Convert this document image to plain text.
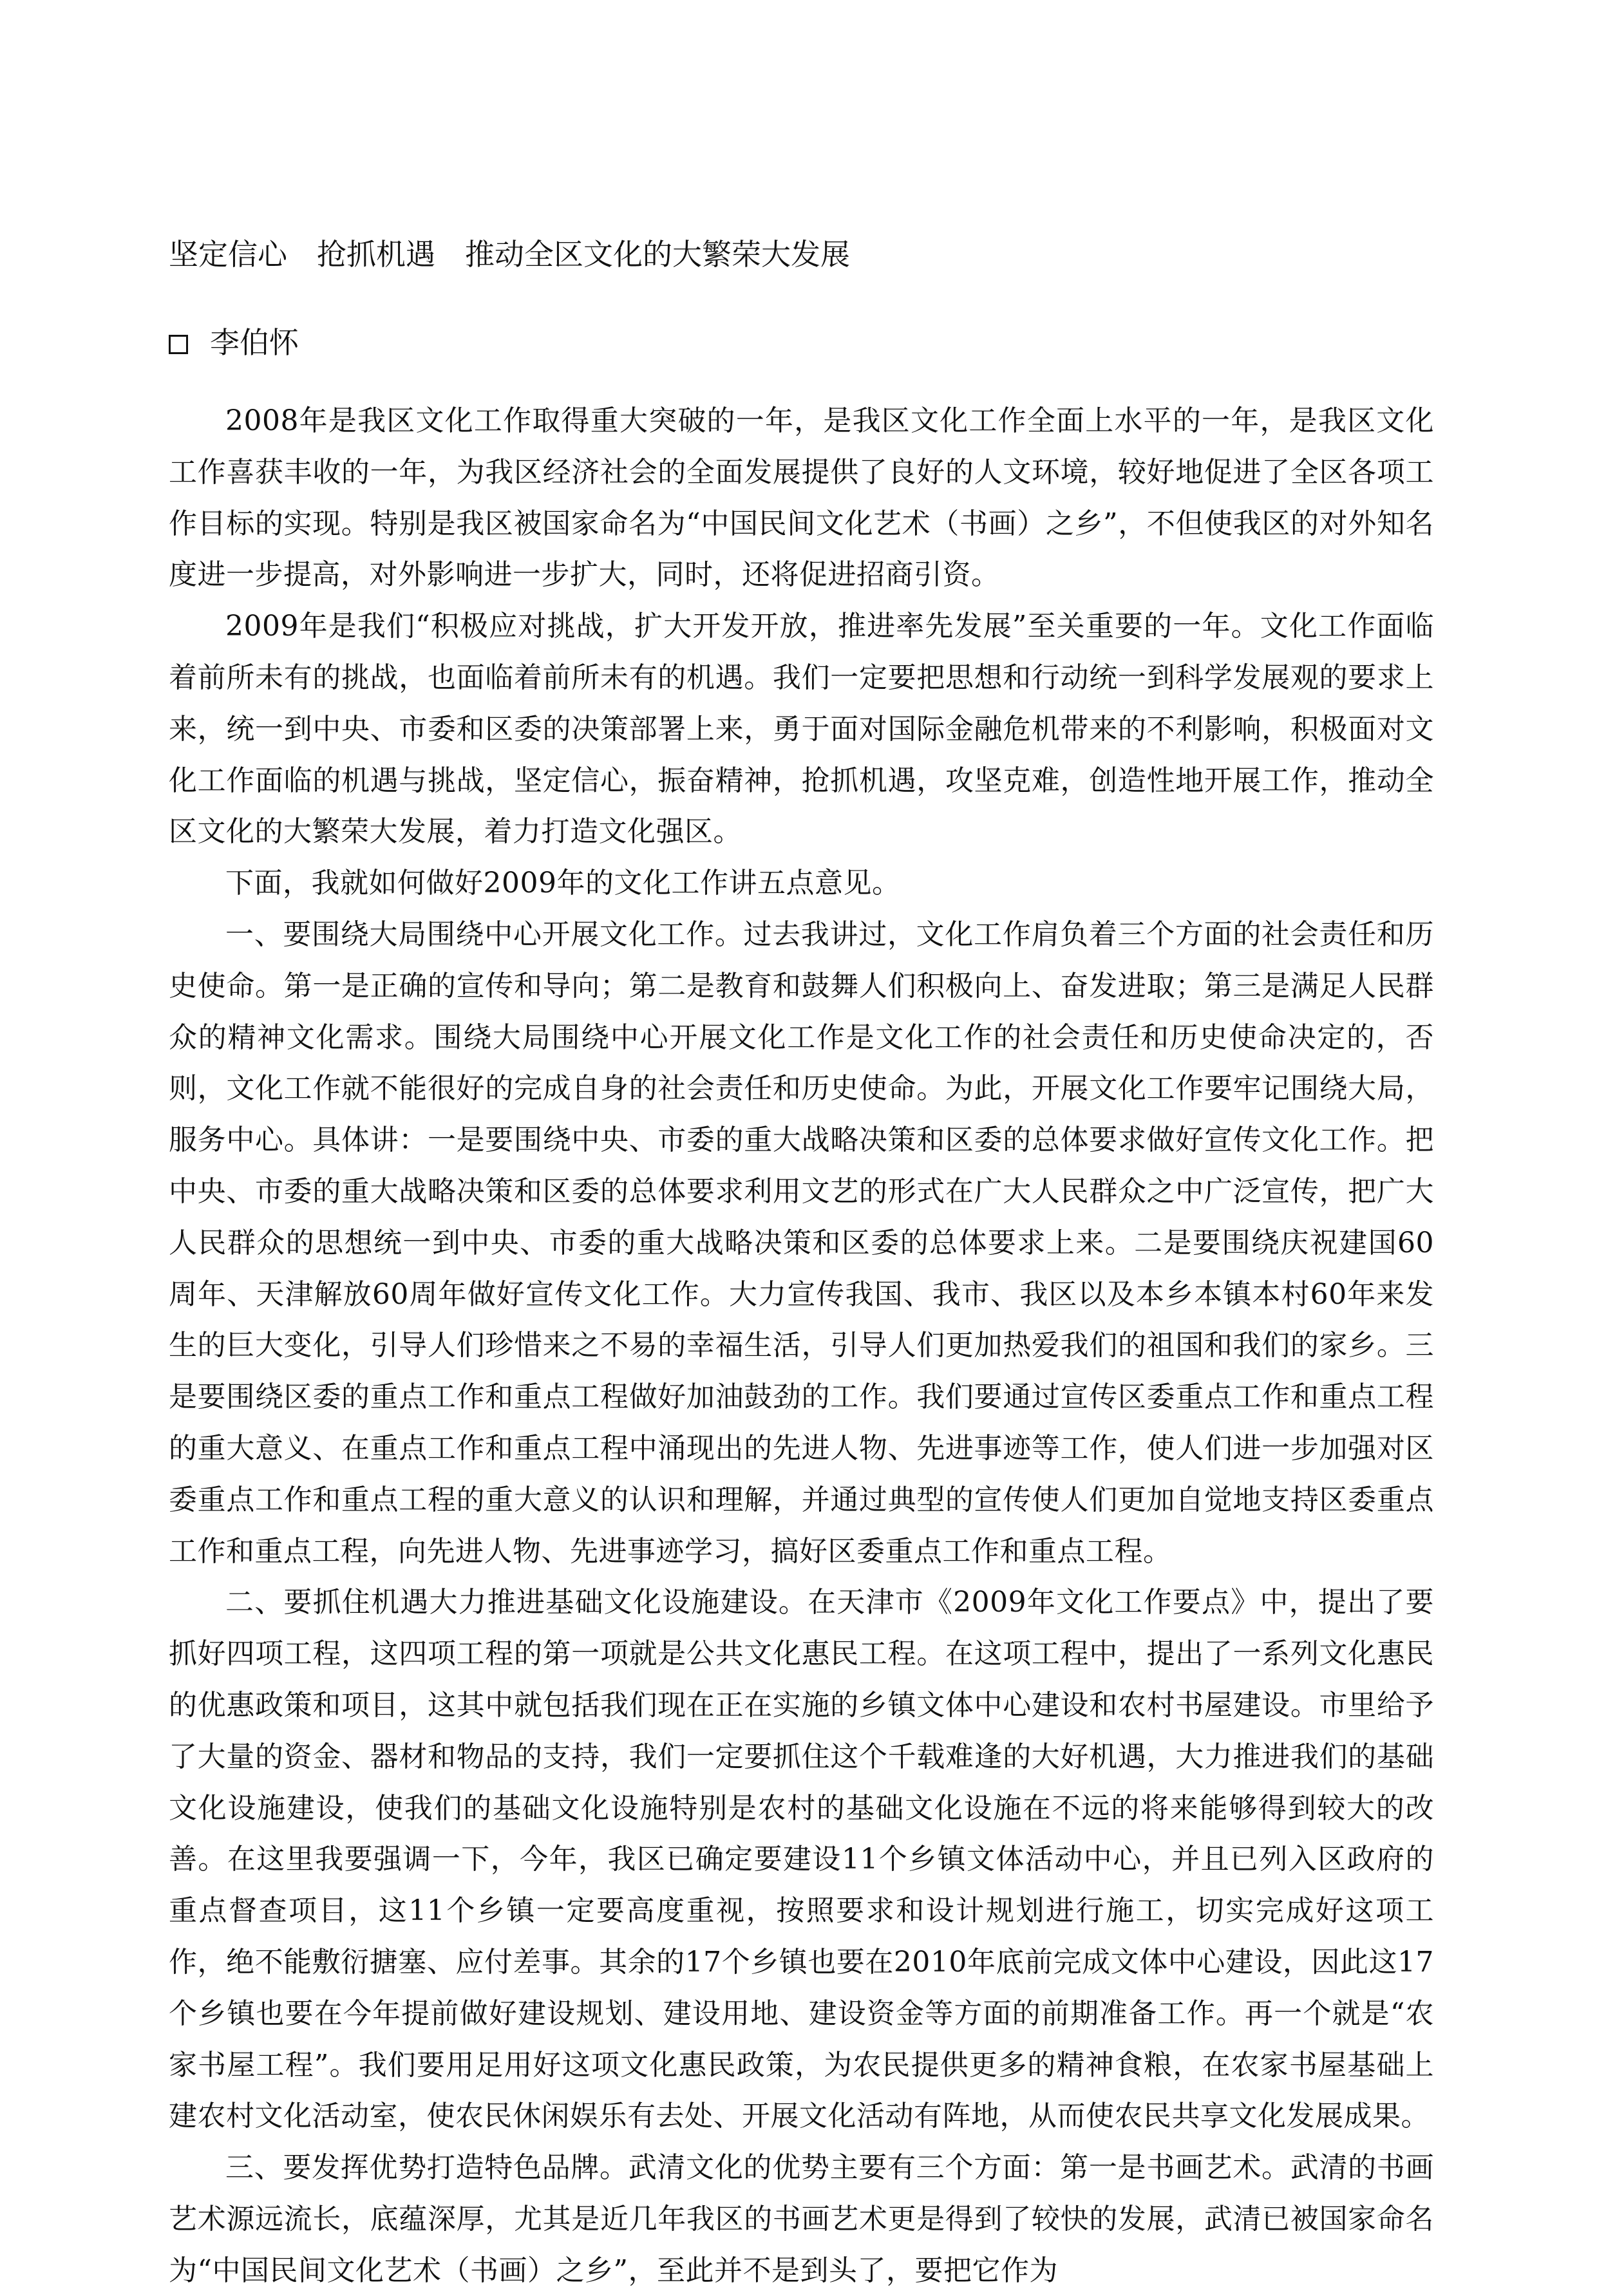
坚定信心　抢抓机遇　推动全区文化的大繁荣大发展
李伯怀

2008年是我区文化工作取得重大突破的一年，是我区文化工作全面上水平的一年，是我区文化工作喜获丰收的一年，为我区经济社会的全面发展提供了良好的人文环境，较好地促进了全区各项工作目标的实现。特别是我区被国家命名为“中国民间文化艺术（书画）之乡”，不但使我区的对外知名度进一步提高，对外影响进一步扩大，同时，还将促进招商引资。

2009年是我们“积极应对挑战，扩大开发开放，推进率先发展”至关重要的一年。文化工作面临着前所未有的挑战，也面临着前所未有的机遇。我们一定要把思想和行动统一到科学发展观的要求上来，统一到中央、市委和区委的决策部署上来，勇于面对国际金融危机带来的不利影响，积极面对文化工作面临的机遇与挑战，坚定信心，振奋精神，抢抓机遇，攻坚克难，创造性地开展工作，推动全区文化的大繁荣大发展，着力打造文化强区。

下面，我就如何做好2009年的文化工作讲五点意见。

一、要围绕大局围绕中心开展文化工作。过去我讲过，文化工作肩负着三个方面的社会责任和历史使命。第一是正确的宣传和导向；第二是教育和鼓舞人们积极向上、奋发进取；第三是满足人民群众的精神文化需求。围绕大局围绕中心开展文化工作是文化工作的社会责任和历史使命决定的，否则，文化工作就不能很好的完成自身的社会责任和历史使命。为此，开展文化工作要牢记围绕大局，服务中心。具体讲：一是要围绕中央、市委的重大战略决策和区委的总体要求做好宣传文化工作。把中央、市委的重大战略决策和区委的总体要求利用文艺的形式在广大人民群众之中广泛宣传，把广大人民群众的思想统一到中央、市委的重大战略决策和区委的总体要求上来。二是要围绕庆祝建国60周年、天津解放60周年做好宣传文化工作。大力宣传我国、我市、我区以及本乡本镇本村60年来发生的巨大变化，引导人们珍惜来之不易的幸福生活，引导人们更加热爱我们的祖国和我们的家乡。三是要围绕区委的重点工作和重点工程做好加油鼓劲的工作。我们要通过宣传区委重点工作和重点工程的重大意义、在重点工作和重点工程中涌现出的先进人物、先进事迹等工作，使人们进一步加强对区委重点工作和重点工程的重大意义的认识和理解，并通过典型的宣传使人们更加自觉地支持区委重点工作和重点工程，向先进人物、先进事迹学习，搞好区委重点工作和重点工程。

二、要抓住机遇大力推进基础文化设施建设。在天津市《2009年文化工作要点》中，提出了要抓好四项工程，这四项工程的第一项就是公共文化惠民工程。在这项工程中，提出了一系列文化惠民的优惠政策和项目，这其中就包括我们现在正在实施的乡镇文体中心建设和农村书屋建设。市里给予了大量的资金、器材和物品的支持，我们一定要抓住这个千载难逢的大好机遇，大力推进我们的基础文化设施建设，使我们的基础文化设施特别是农村的基础文化设施在不远的将来能够得到较大的改善。在这里我要强调一下，今年，我区已确定要建设11个乡镇文体活动中心，并且已列入区政府的重点督查项目，这11个乡镇一定要高度重视，按照要求和设计规划进行施工，切实完成好这项工作，绝不能敷衍搪塞、应付差事。其余的17个乡镇也要在2010年底前完成文体中心建设，因此这17个乡镇也要在今年提前做好建设规划、建设用地、建设资金等方面的前期准备工作。再一个就是“农家书屋工程”。我们要用足用好这项文化惠民政策，为农民提供更多的精神食粮，在农家书屋基础上建农村文化活动室，使农民休闲娱乐有去处、开展文化活动有阵地，从而使农民共享文化发展成果。

三、要发挥优势打造特色品牌。武清文化的优势主要有三个方面：第一是书画艺术。武清的书画艺术源远流长，底蕴深厚，尤其是近几年我区的书画艺术更是得到了较快的发展，武清已被国家命名为“中国民间文化艺术（书画）之乡”，至此并不是到头了，要把它作为
